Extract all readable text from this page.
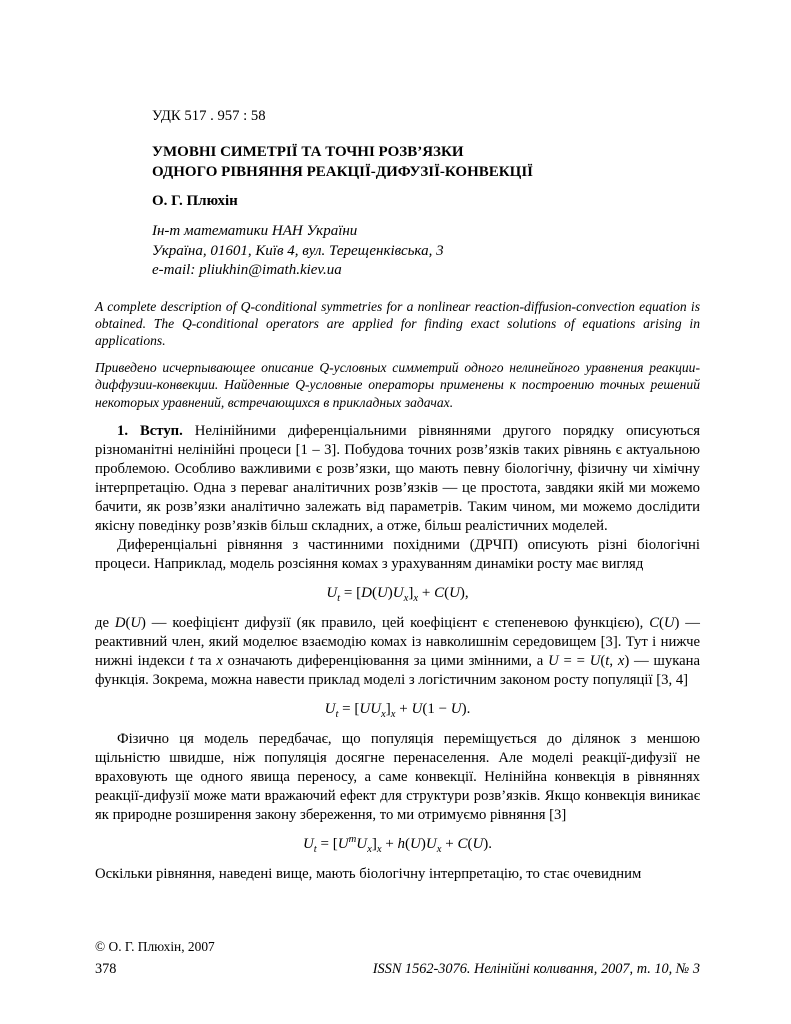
УДК 517 . 957 : 58
УМОВНІ СИМЕТРІЇ ТА ТОЧНІ РОЗВ’ЯЗКИ
ОДНОГО РІВНЯННЯ РЕАКЦІЇ-ДИФУЗІЇ-КОНВЕКЦІЇ
О. Г. Плюхін
Ін-т математики НАН України
Україна, 01601, Київ 4, вул. Терещенківська, 3
e-mail: pliukhin@imath.kiev.ua

A complete description of Q-conditional symmetries for a nonlinear reaction-diffusion-convection equation is obtained. The Q-conditional operators are applied for finding exact solutions of equations arising in applications.

Приведено исчерпывающее описание Q-условных симметрий одного нелинейного уравнения реакции-диффузии-конвекции. Найденные Q-условные операторы применены к построению точных решений некоторых уравнений, встречающихся в прикладных задачах.

1. Вступ. Нелінійними диференціальними рівняннями другого порядку описуються різноманітні нелінійні процеси [1 – 3]. Побудова точних розв’язків таких рівнянь є актуальною проблемою. Особливо важливими є розв’язки, що мають певну біологічну, фізичну чи хімічну інтерпретацію. Одна з переваг аналітичних розв’язків — це простота, завдяки якій ми можемо бачити, як розв’язки аналітично залежать від параметрів. Таким чином, ми можемо дослідити якісну поведінку розв’язків більш складних, а отже, більш реалістичних моделей.

Диференціальні рівняння з частинними похідними (ДРЧП) описують різні біологічні процеси. Наприклад, модель розсіяння комах з урахуванням динаміки росту має вигляд

$U_t = [D(U)U_x]_x + C(U)$,

де D(U) — коефіцієнт дифузії (як правило, цей коефіцієнт є степеневою функцією), C(U) — реактивний член, який моделює взаємодію комах із навколишнім середовищем [3]. Тут і нижче нижні індекси t та x означають диференціювання за цими змінними, а U = = U(t, x) — шукана функція. Зокрема, можна навести приклад моделі з логістичним законом росту популяції [3, 4]

$U_t = [UU_x]_x + U(1 - U)$.

Фізично ця модель передбачає, що популяція переміщується до ділянок з меншою щільністю швидше, ніж популяція досягне перенаселення. Але моделі реакції-дифузії не враховують ще одного явища переносу, а саме конвекції. Нелінійна конвекція в рівняннях реакції-дифузії може мати вражаючий ефект для структури розв’язків. Якщо конвекція виникає як природне розширення закону збереження, то ми отримуємо рівняння [3]

$U_t = [U^mU_x]_x + h(U)U_x + C(U)$.

Оскільки рівняння, наведені вище, мають біологічну інтерпретацію, то стає очевидним

© О. Г. Плюхін, 2007
378	ISSN 1562-3076. Нелінійні коливання, 2007, т. 10, № 3
